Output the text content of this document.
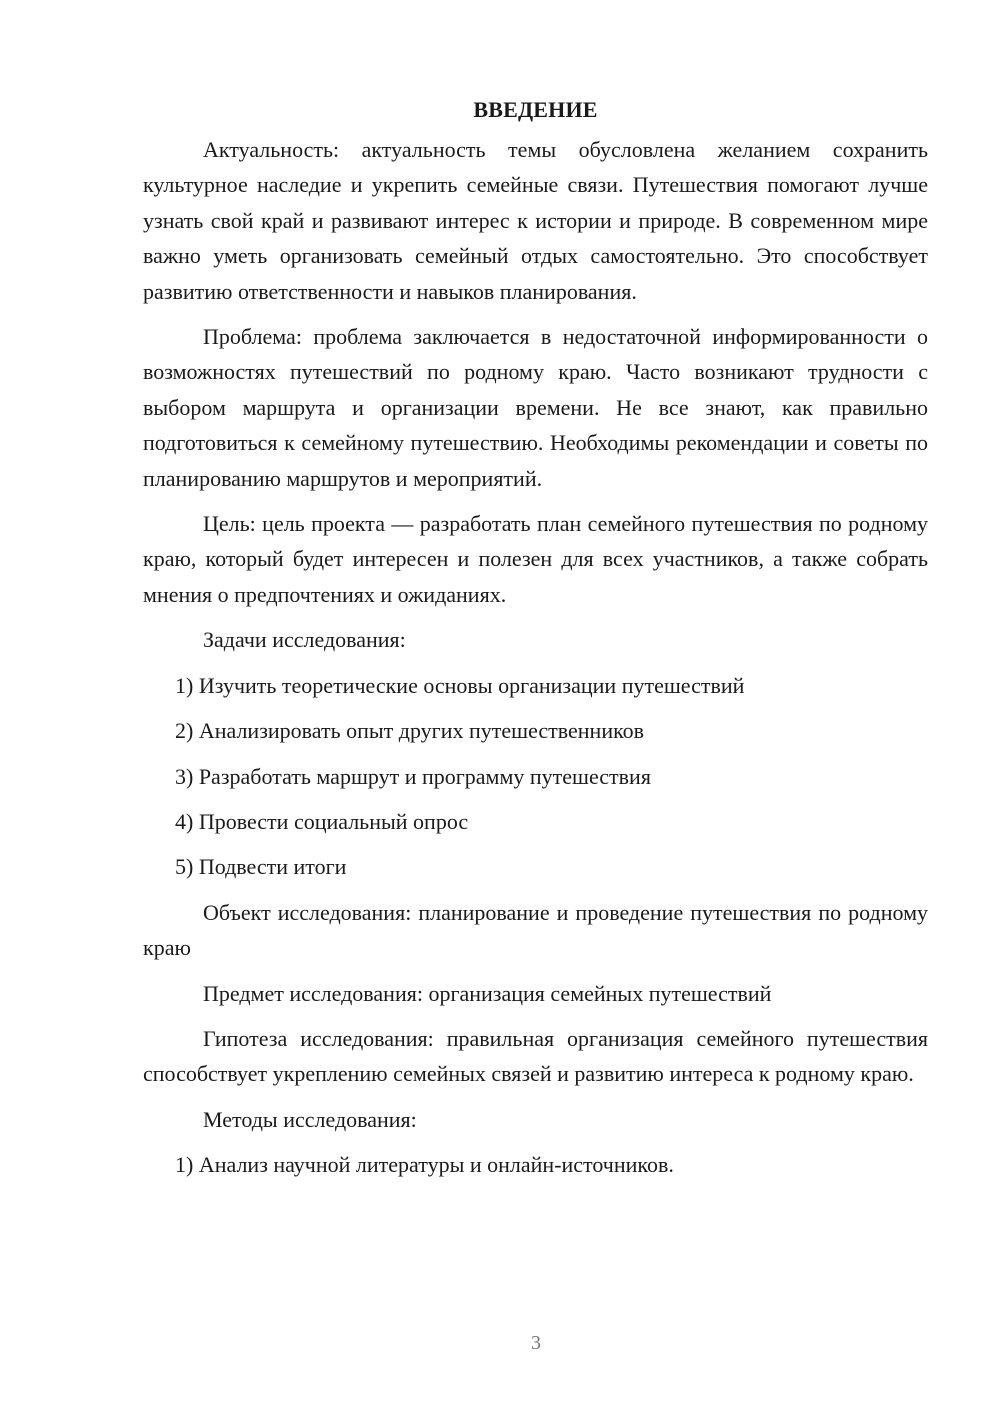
ВВЕДЕНИЕ

Актуальность: актуальность темы обусловлена желанием сохранить культурное наследие и укрепить семейные связи. Путешествия помогают лучше узнать свой край и развивают интерес к истории и природе. В современном мире важно уметь организовать семейный отдых самостоятельно. Это способствует развитию ответственности и навыков планирования.

Проблема: проблема заключается в недостаточной информированности о возможностях путешествий по родному краю. Часто возникают трудности с выбором маршрута и организации времени. Не все знают, как правильно подготовиться к семейному путешествию. Необходимы рекомендации и советы по планированию маршрутов и мероприятий.

Цель: цель проекта — разработать план семейного путешествия по родному краю, который будет интересен и полезен для всех участников, а также собрать мнения о предпочтениях и ожиданиях.

Задачи исследования:

1) Изучить теоретические основы организации путешествий

2) Анализировать опыт других путешественников

3) Разработать маршрут и программу путешествия

4) Провести социальный опрос

5) Подвести итоги

Объект исследования: планирование и проведение путешествия по родному краю

Предмет исследования: организация семейных путешествий

Гипотеза исследования: правильная организация семейного путешествия способствует укреплению семейных связей и развитию интереса к родному краю.

Методы исследования:

1) Анализ научной литературы и онлайн-источников.

3
